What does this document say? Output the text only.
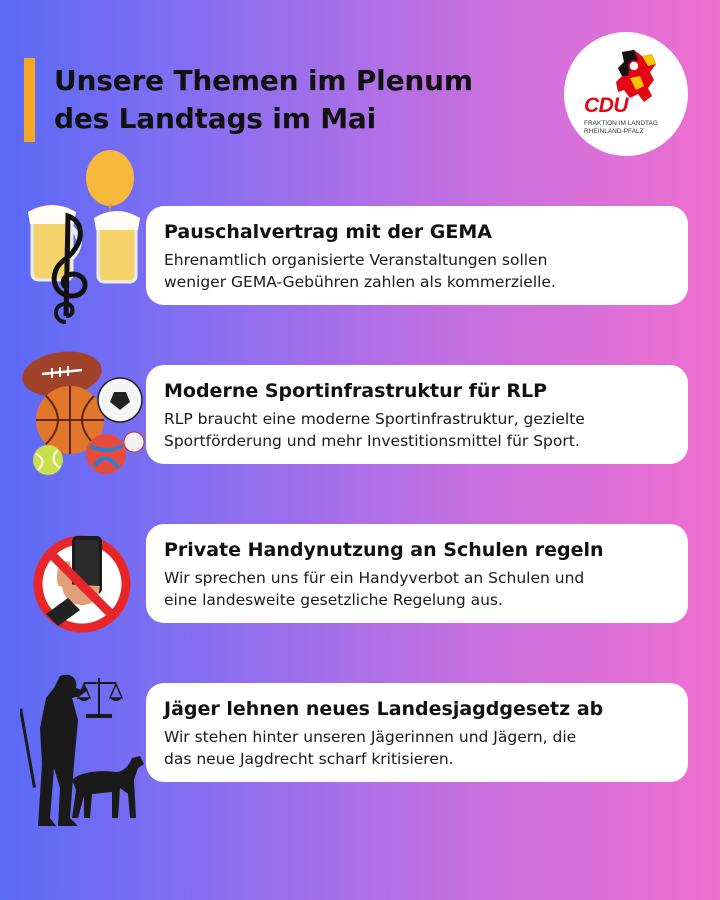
Unsere Themen im Plenum
des Landtags im Mai	CDU
FRAKTION IM LANDTAG
RHEINLAND-PFALZ
Pauschalvertrag mit der GEMA

Ehrenamtlich organisierte Veranstaltungen sollen
weniger GEMA-Gebühren zahlen als kommerzielle.

Moderne Sportinfrastruktur für RLP

RLP braucht eine moderne Sportinfrastruktur, gezielte
Sportförderung und mehr Investitionsmittel für Sport.

Private Handynutzung an Schulen regeln

Wir sprechen uns für ein Handyverbot an Schulen und
eine landesweite gesetzliche Regelung aus.

Jäger lehnen neues Landesjagdgesetz ab

Wir stehen hinter unseren Jägerinnen und Jägern, die
das neue Jagdrecht scharf kritisieren.
